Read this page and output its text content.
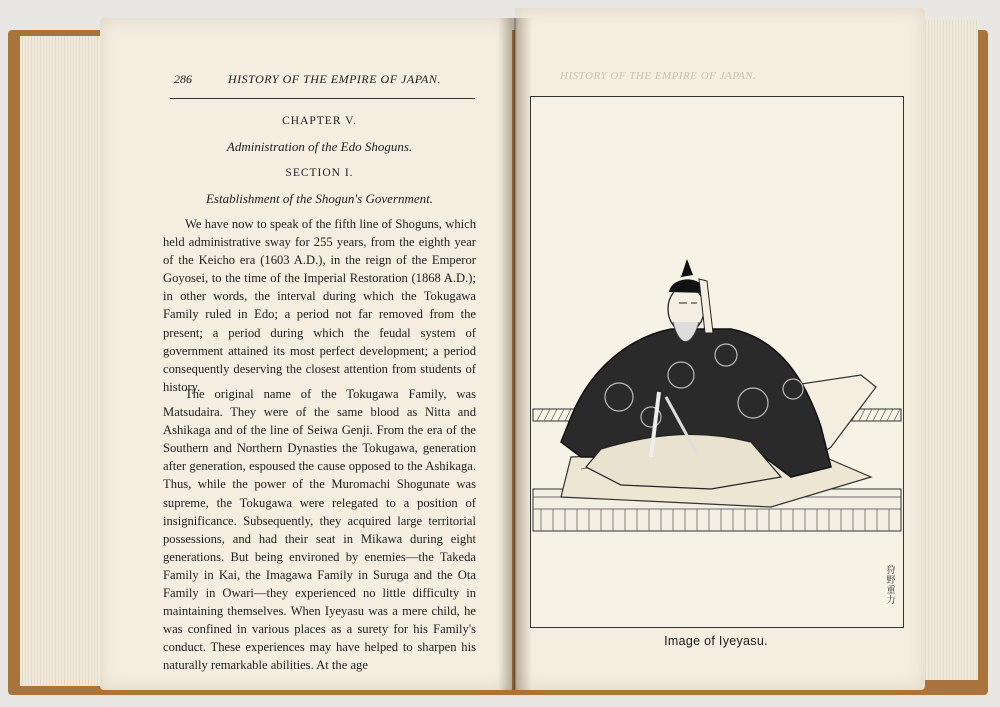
286	HISTORY OF THE EMPIRE OF JAPAN.
CHAPTER V.
Administration of the Edo Shoguns.
SECTION I.
Establishment of the Shogun's Government.

We have now to speak of the fifth line of Shoguns, which held administrative sway for 255 years, from the eighth year of the Keicho era (1603 A.D.), in the reign of the Emperor Goyosei, to the time of the Imperial Restoration (1868 A.D.); in other words, the interval during which the Tokugawa Family ruled in Edo; a period not far removed from the present; a period during which the feudal system of government attained its most perfect development; a period consequently deserving the closest attention from students of history.

The original name of the Tokugawa Family, was Matsudaira. They were of the same blood as Nitta and Ashikaga and of the line of Seiwa Genji. From the era of the Southern and Northern Dynasties the Tokugawa, generation after generation, espoused the cause opposed to the Ashikaga. Thus, while the power of the Muromachi Shogunate was supreme, the Tokugawa were relegated to a position of insignificance. Subsequently, they acquired large territorial possessions, and had their seat in Mikawa during eight generations. But being environed by enemies—the Takeda Family in Kai, the Imagawa Family in Suruga and the Ota Family in Owari—they experienced no little difficulty in maintaining themselves. When Iyeyasu was a mere child, he was confined in various places as a surety for his Family's conduct. These experiences may have helped to sharpen his naturally remarkable abilities. At the age

HISTORY OF THE EMPIRE OF JAPAN.
狩 野 重 力
Image of Iyeyasu.
